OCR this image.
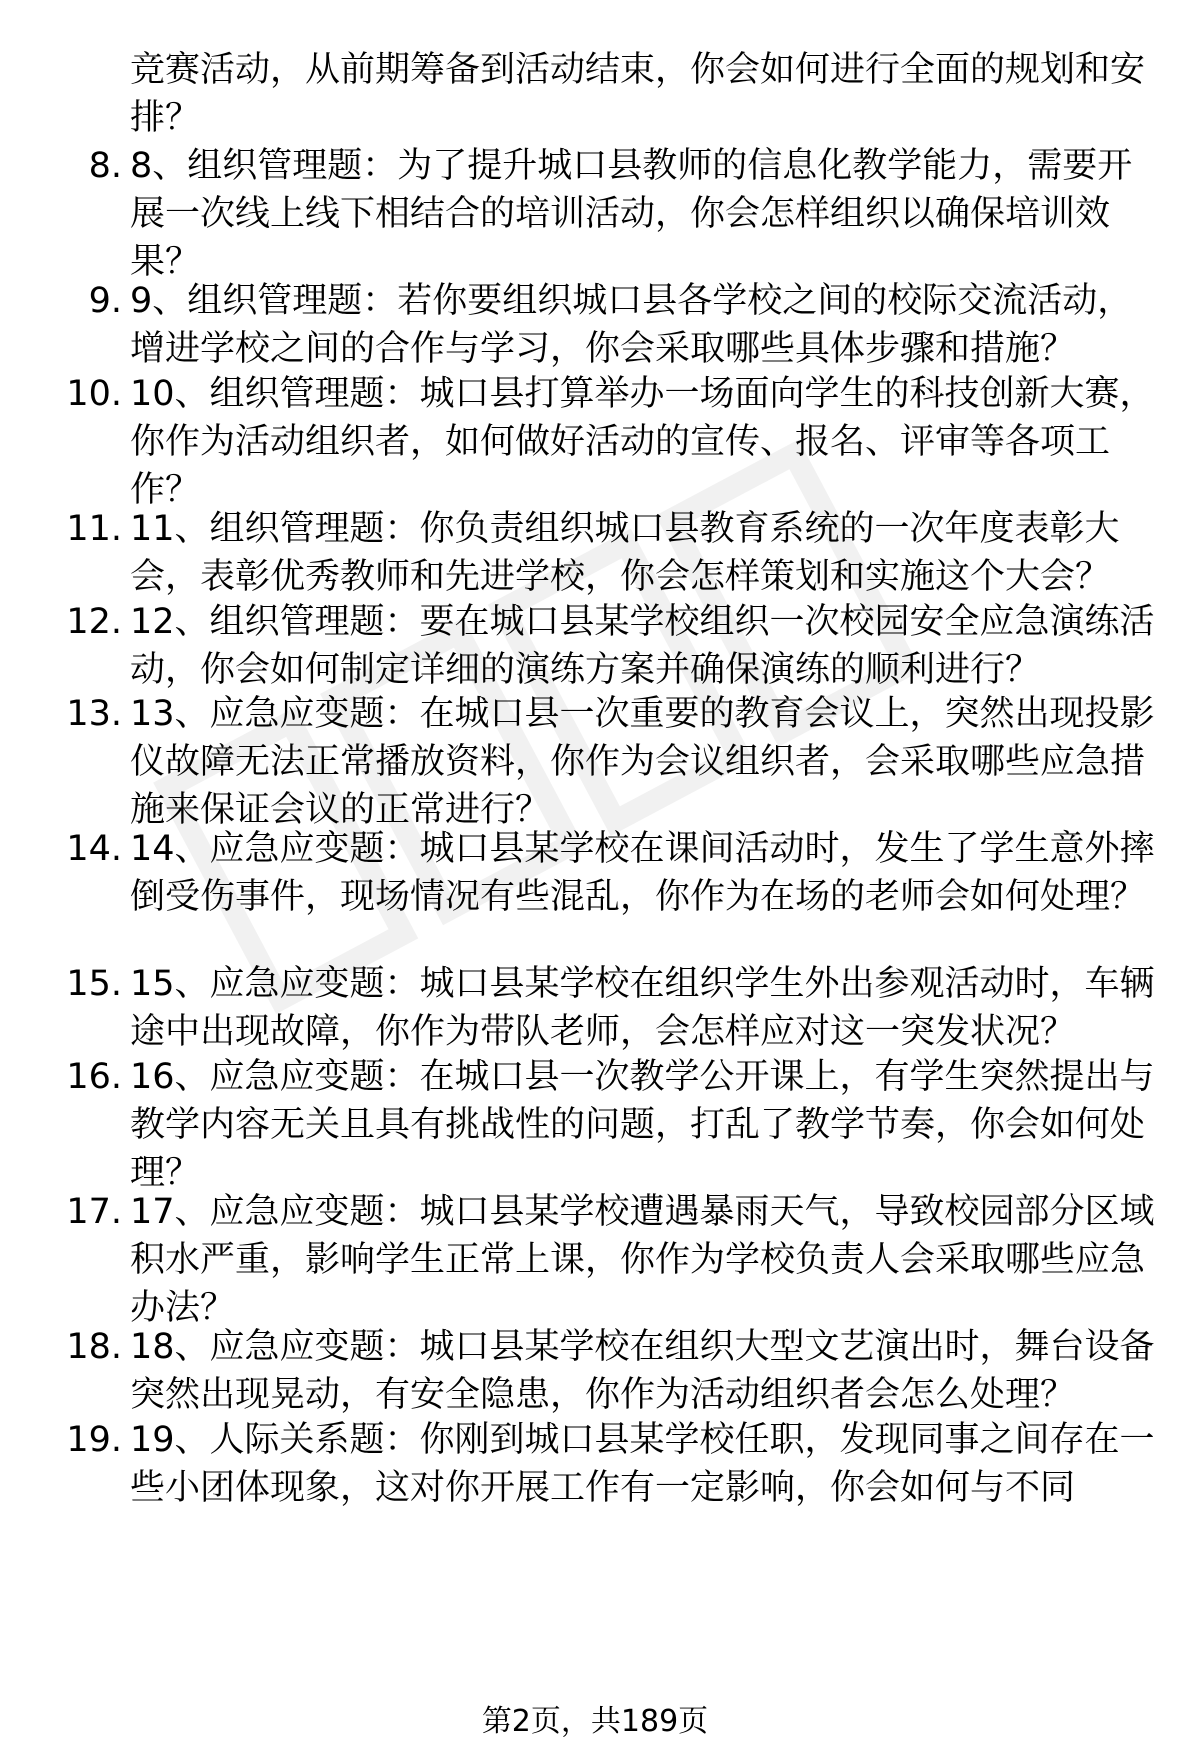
竞赛活动，从前期筹备到活动结束，你会如何进行全面的规划和安排？
8. 8、组织管理题：为了提升城口县教师的信息化教学能力，需要开展一次线上线下相结合的培训活动，你会怎样组织以确保培训效果？
9. 9、组织管理题：若你要组织城口县各学校之间的校际交流活动，增进学校之间的合作与学习，你会采取哪些具体步骤和措施？
10. 10、组织管理题：城口县打算举办一场面向学生的科技创新大赛，你作为活动组织者，如何做好活动的宣传、报名、评审等各项工作？
11. 11、组织管理题：你负责组织城口县教育系统的一次年度表彰大会，表彰优秀教师和先进学校，你会怎样策划和实施这个大会？
12. 12、组织管理题：要在城口县某学校组织一次校园安全应急演练活动，你会如何制定详细的演练方案并确保演练的顺利进行？
13. 13、应急应变题：在城口县一次重要的教育会议上，突然出现投影仪故障无法正常播放资料，你作为会议组织者，会采取哪些应急措施来保证会议的正常进行？
14. 14、应急应变题：城口县某学校在课间活动时，发生了学生意外摔倒受伤事件，现场情况有些混乱，你作为在场的老师会如何处理？
15. 15、应急应变题：城口县某学校在组织学生外出参观活动时，车辆途中出现故障，你作为带队老师，会怎样应对这一突发状况？
16. 16、应急应变题：在城口县一次教学公开课上，有学生突然提出与教学内容无关且具有挑战性的问题，打乱了教学节奏，你会如何处理？
17. 17、应急应变题：城口县某学校遭遇暴雨天气，导致校园部分区域积水严重，影响学生正常上课，你作为学校负责人会采取哪些应急办法？
18. 18、应急应变题：城口县某学校在组织大型文艺演出时，舞台设备突然出现晃动，有安全隐患，你作为活动组织者会怎么处理？
19. 19、人际关系题：你刚到城口县某学校任职，发现同事之间存在一些小团体现象，这对你开展工作有一定影响，你会如何与不同
第2页，共189页
